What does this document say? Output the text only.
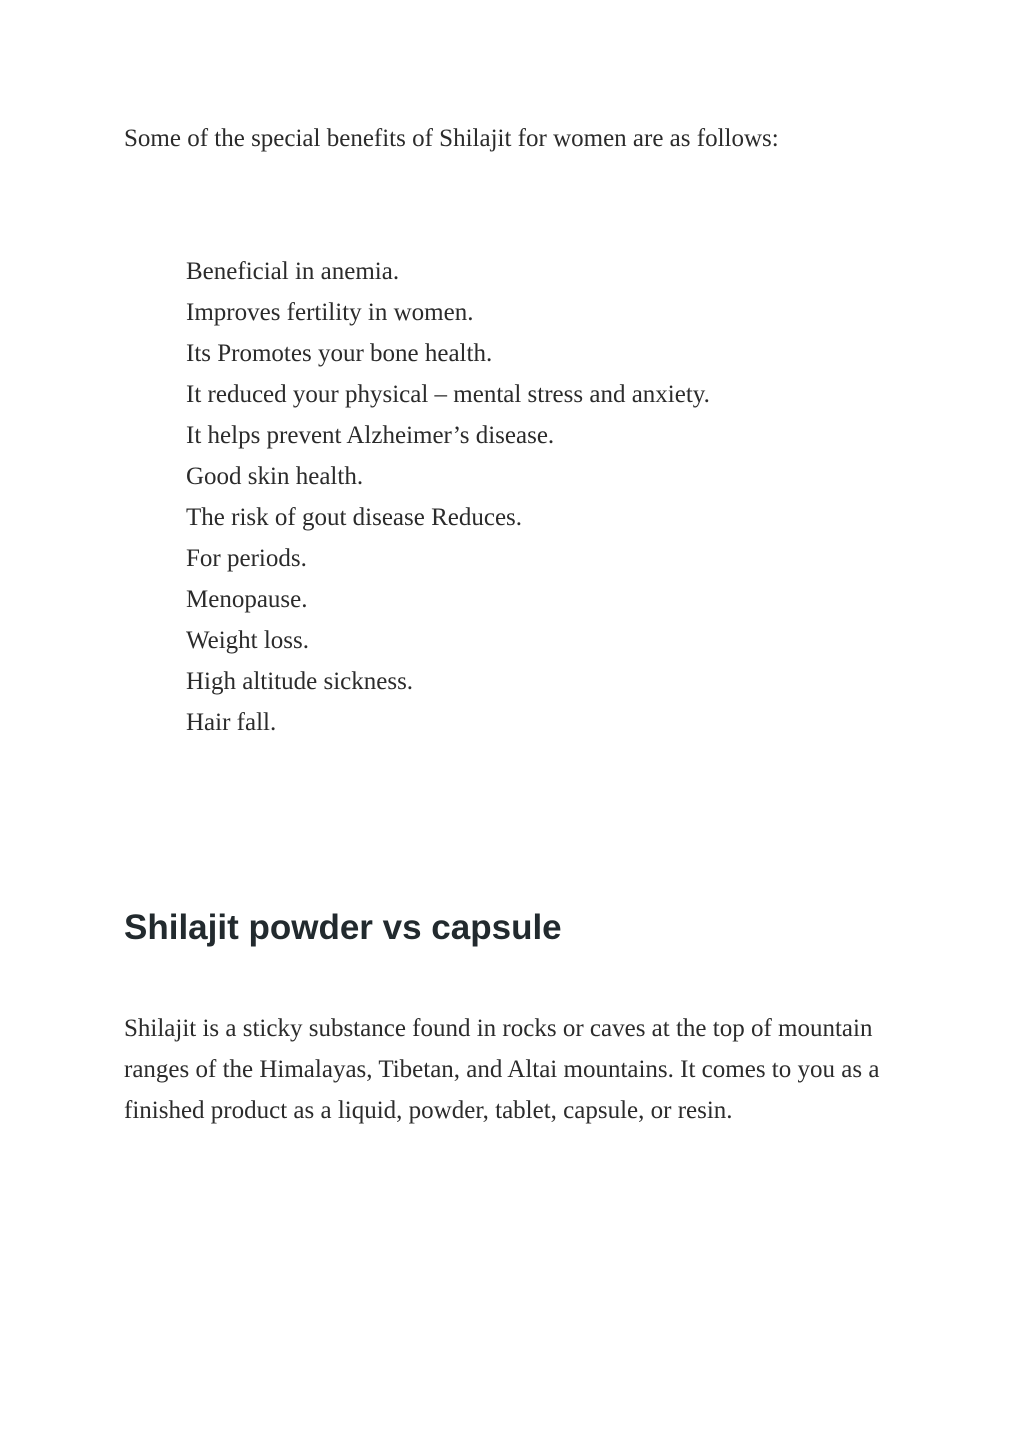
Some of the special benefits of Shilajit for women are as follows:

Beneficial in anemia.
Improves fertility in women.
Its Promotes your bone health.
It reduced your physical – mental stress and anxiety.
It helps prevent Alzheimer’s disease.
Good skin health.
The risk of gout disease Reduces.
For periods.
Menopause.
Weight loss.
High altitude sickness.
Hair fall.
Shilajit powder vs capsule

Shilajit is a sticky substance found in rocks or caves at the top of mountain ranges of the Himalayas, Tibetan, and Altai mountains. It comes to you as a finished product as a liquid, powder, tablet, capsule, or resin.
